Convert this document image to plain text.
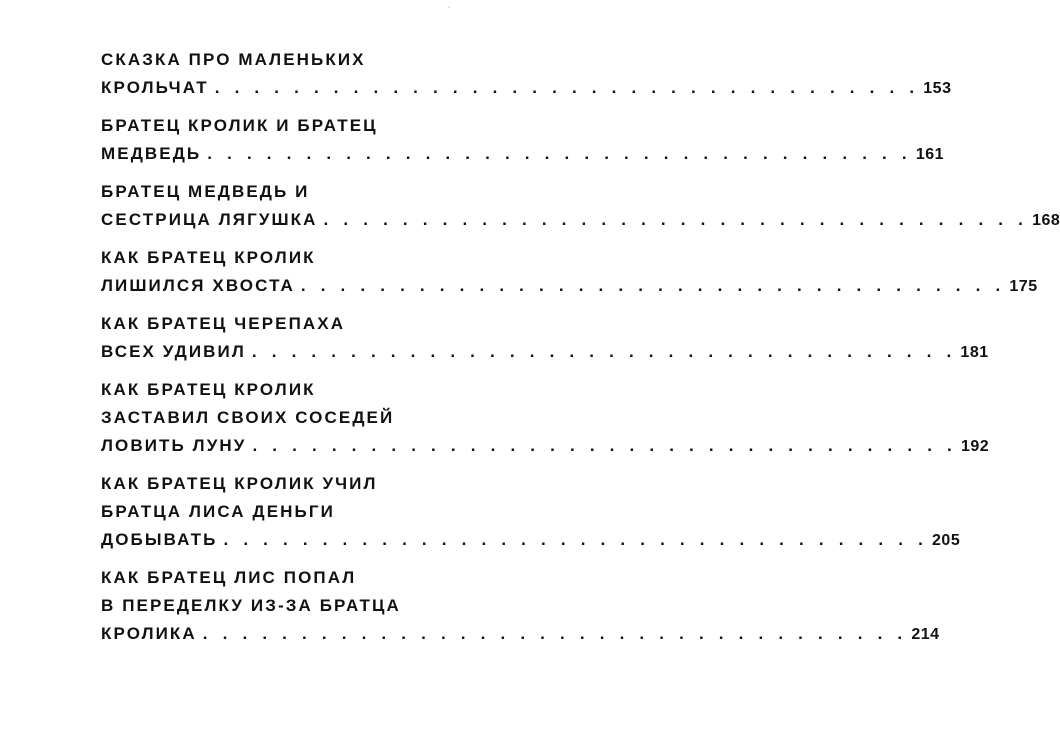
СКАЗКА ПРО МАЛЕНЬКИХ
КРОЛЬЧАТ . . . . . . . . . . . . . . . . . . . . . . . . . . . . . . . . . . . . 153
БРАТЕЦ КРОЛИК И БРАТЕЦ
МЕДВЕДЬ . . . . . . . . . . . . . . . . . . . . . . . . . . . . . . . . . . . . 161
БРАТЕЦ МЕДВЕДЬ И
СЕСТРИЦА ЛЯГУШКА . . . . . . . . . . . . . . . . . . . . . . . . . . . . . . . . . . . . 168
КАК БРАТЕЦ КРОЛИК
ЛИШИЛСЯ ХВОСТА . . . . . . . . . . . . . . . . . . . . . . . . . . . . . . . . . . . . 175
КАК БРАТЕЦ ЧЕРЕПАХА
ВСЕХ УДИВИЛ . . . . . . . . . . . . . . . . . . . . . . . . . . . . . . . . . . . . 181
КАК БРАТЕЦ КРОЛИК
ЗАСТАВИЛ СВОИХ СОСЕДЕЙ
ЛОВИТЬ ЛУНУ . . . . . . . . . . . . . . . . . . . . . . . . . . . . . . . . . . . . 192
КАК БРАТЕЦ КРОЛИК УЧИЛ
БРАТЦА ЛИСА ДЕНЬГИ
ДОБЫВАТЬ . . . . . . . . . . . . . . . . . . . . . . . . . . . . . . . . . . . . 205
КАК БРАТЕЦ ЛИС ПОПАЛ
В ПЕРЕДЕЛКУ ИЗ-ЗА БРАТЦА
КРОЛИКА . . . . . . . . . . . . . . . . . . . . . . . . . . . . . . . . . . . . 214
